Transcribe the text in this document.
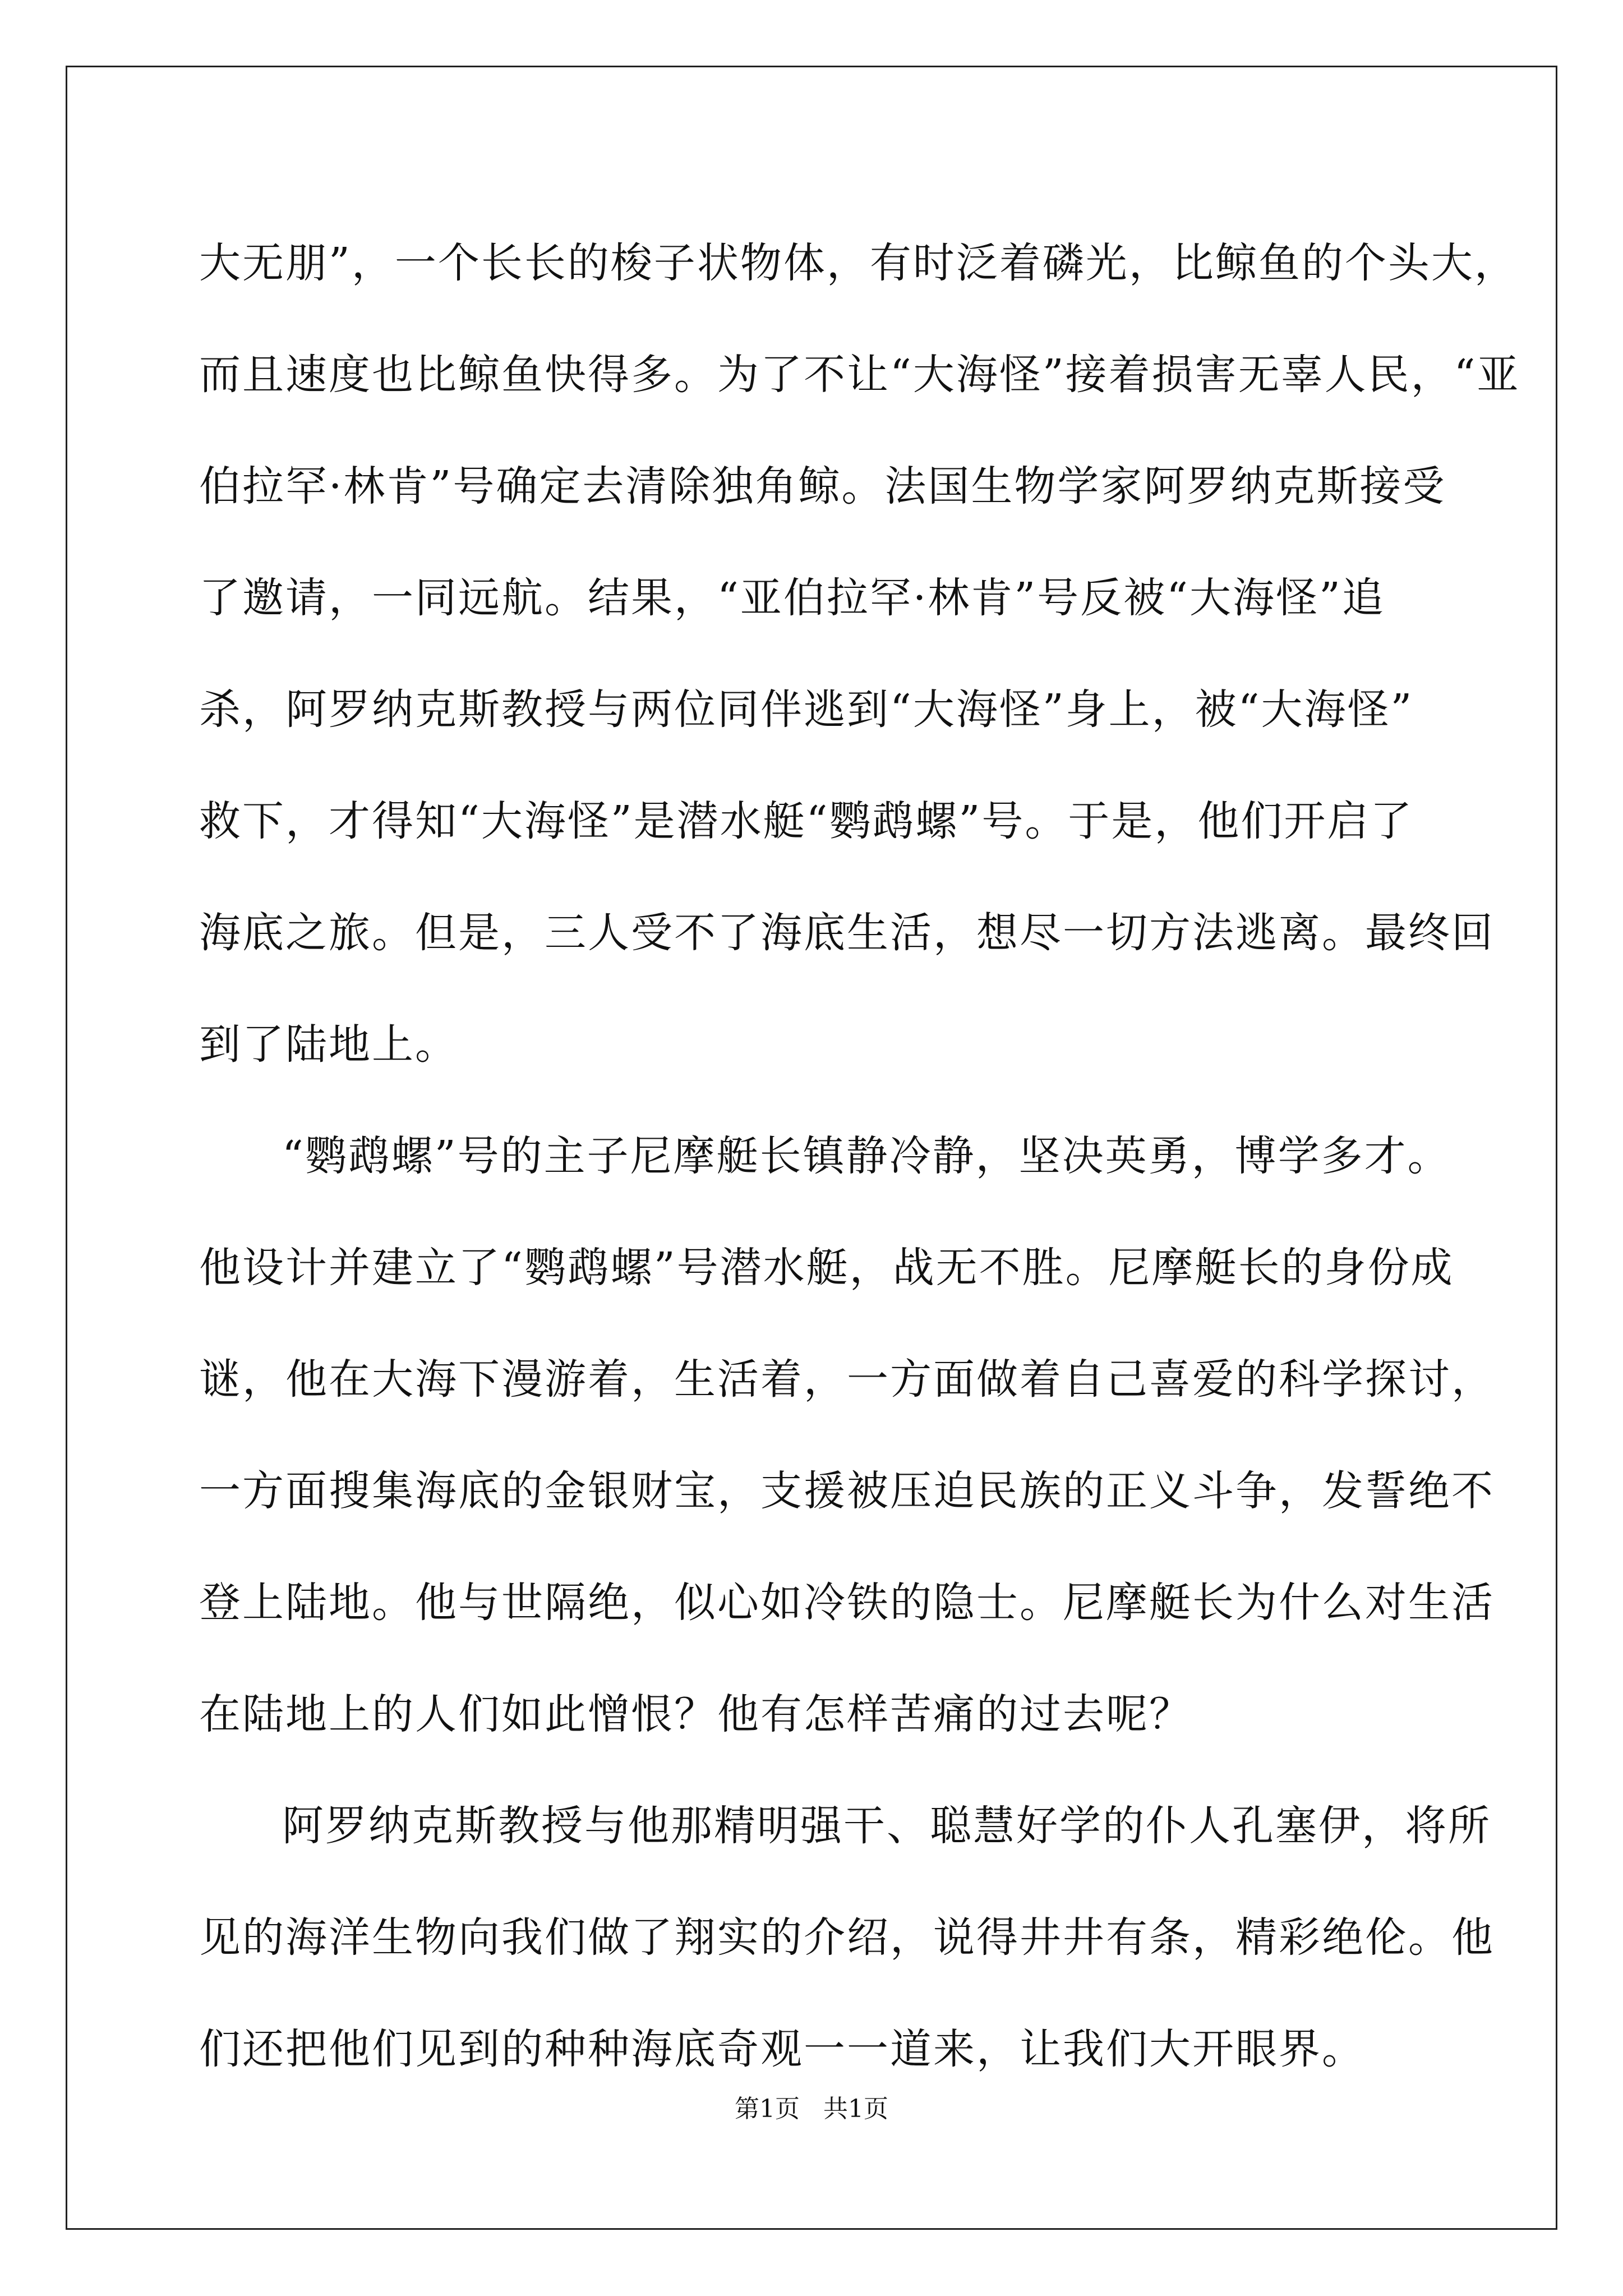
大无朋”，一个长长的梭子状物体，有时泛着磷光，比鲸鱼的个头大，
而且速度也比鲸鱼快得多。为了不让“大海怪”接着损害无辜人民，“亚
伯拉罕·林肯”号确定去清除独角鲸。法国生物学家阿罗纳克斯接受
了邀请，一同远航。结果，“亚伯拉罕·林肯”号反被“大海怪”追
杀，阿罗纳克斯教授与两位同伴逃到“大海怪”身上，被“大海怪”
救下，才得知“大海怪”是潜水艇“鹦鹉螺”号。于是，他们开启了
海底之旅。但是，三人受不了海底生活，想尽一切方法逃离。最终回
到了陆地上。
“鹦鹉螺”号的主子尼摩艇长镇静冷静，坚决英勇，博学多才。
他设计并建立了“鹦鹉螺”号潜水艇，战无不胜。尼摩艇长的身份成
谜，他在大海下漫游着，生活着，一方面做着自己喜爱的科学探讨，
一方面搜集海底的金银财宝，支援被压迫民族的正义斗争，发誓绝不
登上陆地。他与世隔绝，似心如冷铁的隐士。尼摩艇长为什么对生活
在陆地上的人们如此憎恨？他有怎样苦痛的过去呢？
阿罗纳克斯教授与他那精明强干、聪慧好学的仆人孔塞伊，将所
见的海洋生物向我们做了翔实的介绍，说得井井有条，精彩绝伦。他
们还把他们见到的种种海底奇观一一道来，让我们大开眼界。
第1页   共1页
